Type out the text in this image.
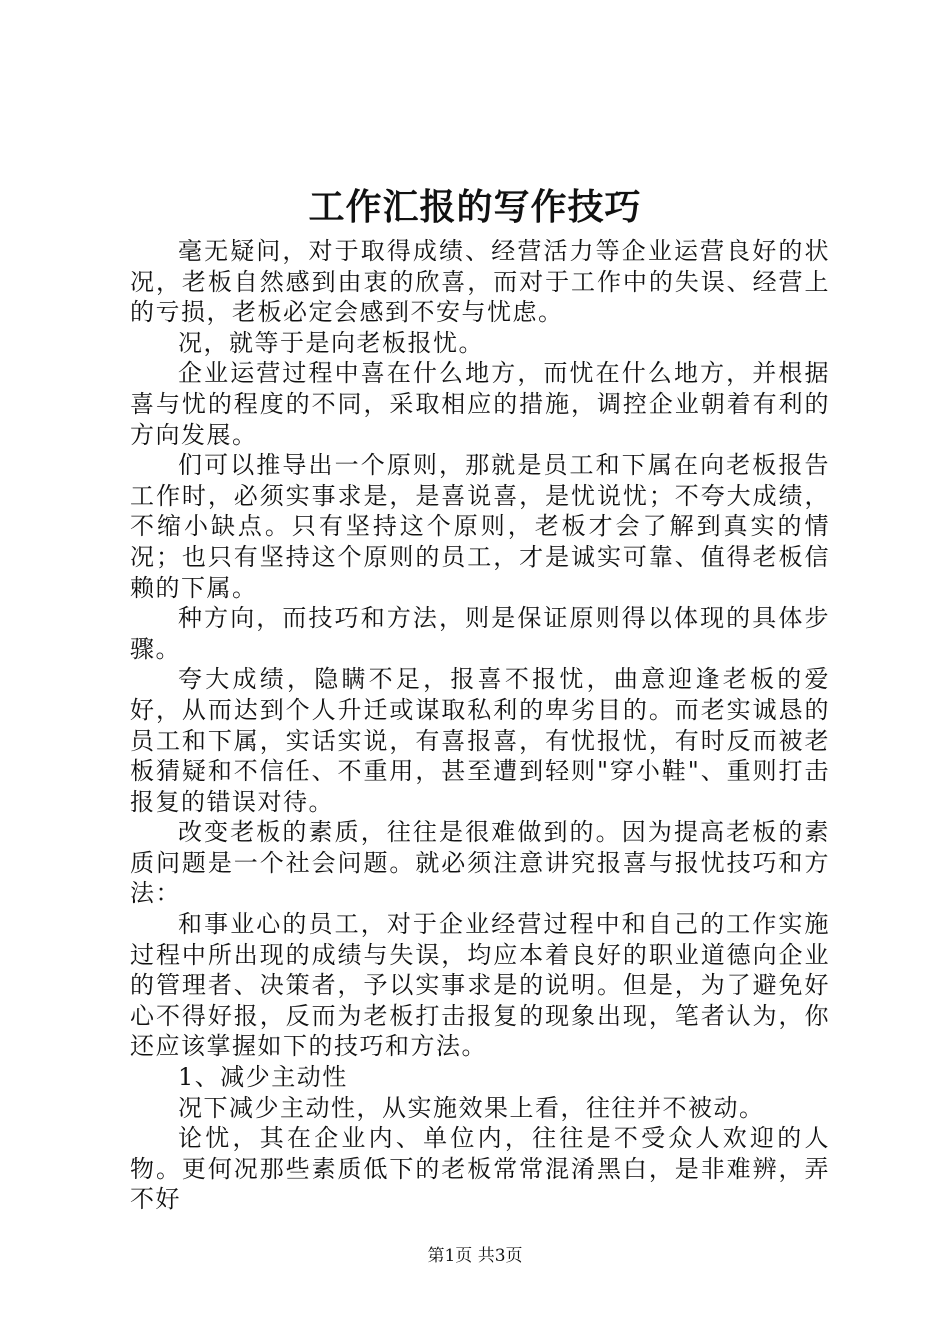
工作汇报的写作技巧

毫无疑问，对于取得成绩、经营活力等企业运营良好的状况，老板自然感到由衷的欣喜，而对于工作中的失误、经营上的亏损，老板必定会感到不安与忧虑。

况，就等于是向老板报忧。

企业运营过程中喜在什么地方，而忧在什么地方，并根据喜与忧的程度的不同，采取相应的措施，调控企业朝着有利的方向发展。

们可以推导出一个原则，那就是员工和下属在向老板报告工作时，必须实事求是，是喜说喜，是忧说忧；不夸大成绩，不缩小缺点。只有坚持这个原则，老板才会了解到真实的情况；也只有坚持这个原则的员工，才是诚实可靠、值得老板信赖的下属。

种方向，而技巧和方法，则是保证原则得以体现的具体步骤。

夸大成绩，隐瞒不足，报喜不报忧，曲意迎逢老板的爱好，从而达到个人升迁或谋取私利的卑劣目的。而老实诚恳的员工和下属，实话实说，有喜报喜，有忧报忧，有时反而被老板猜疑和不信任、不重用，甚至遭到轻则"穿小鞋"、重则打击报复的错误对待。

改变老板的素质，往往是很难做到的。因为提高老板的素质问题是一个社会问题。就必须注意讲究报喜与报忧技巧和方法：

和事业心的员工，对于企业经营过程中和自己的工作实施过程中所出现的成绩与失误，均应本着良好的职业道德向企业的管理者、决策者，予以实事求是的说明。但是，为了避免好心不得好报，反而为老板打击报复的现象出现，笔者认为，你还应该掌握如下的技巧和方法。

1、减少主动性

况下减少主动性，从实施效果上看，往往并不被动。

论忧，其在企业内、单位内，往往是不受众人欢迎的人物。更何况那些素质低下的老板常常混淆黑白，是非难辨，弄不好

第1页 共3页
